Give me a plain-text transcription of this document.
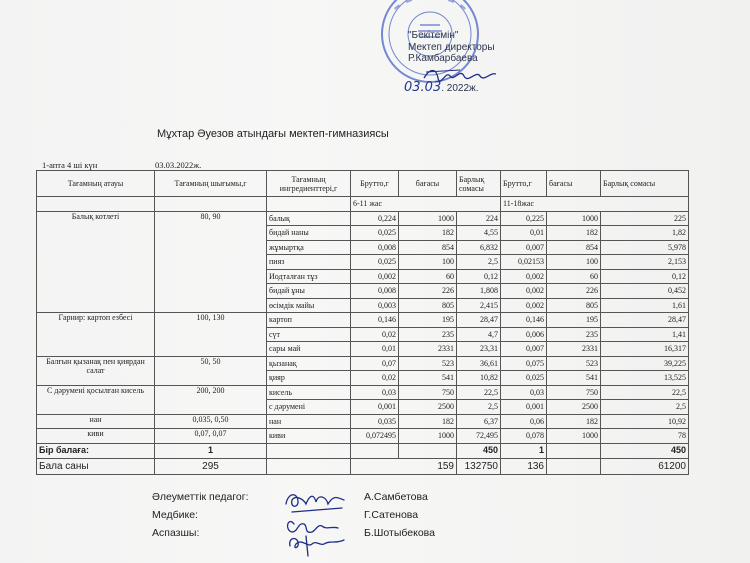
"Бекітемін"
Мектеп директоры
Р.Камбарбаева
03.03. 2022ж.
Мұхтар Әуезов атындағы мектеп-гимназиясы
1-апта 4 ші күн	03.03.2022ж.
Тағамның атауы	Тағамның шығымы,г	Тағамның ингредиенттері,г	Брутто,г	бағасы	Барлық сомасы	Брутто,г	бағасы	Барлық сомасы
			6-11 жас			11-18жас		
Балық котлеті	80, 90	балық	0,224	1000	224	0,225	1000	225
		бидай наны	0,025	182	4,55	0,01	182	1,82
		жұмыртқа	0,008	854	6,832	0,007	854	5,978
		пияз	0,025	100	2,5	0,02153	100	2,153
		Иодталған тұз	0,002	60	0,12	0,002	60	0,12
		бидай ұны	0,008	226	1,808	0,002	226	0,452
		өсімдік майы	0,003	805	2,415	0,002	805	1,61
Гарнир: картоп езбесі	100, 130	картоп	0,146	195	28,47	0,146	195	28,47
		сүт	0,02	235	4,7	0,006	235	1,41
		сары май	0,01	2331	23,31	0,007	2331	16,317
Балғын қызанақ пен қиярдан салат	50, 50	қызанақ	0,07	523	36,61	0,075	523	39,225
		қияр	0,02	541	10,82	0,025	541	13,525
С дәруменi қосылған кисель	200, 200	кисель	0,03	750	22,5	0,03	750	22,5
		с дәрумені	0,001	2500	2,5	0,001	2500	2,5
нан	0,035, 0,50	нан	0,035	182	6,37	0,06	182	10,92
киви	0,07, 0,07	киви	0,072495	1000	72,495	0,078	1000	78
Бір балаға:	1				450	1		450
Бала саны	295		159		132750	136		61200
Әлеуметтік педагог:	А.Самбетова
Медбике:	Г.Сатенова
Аспазшы:	Б.Шотыбекова
